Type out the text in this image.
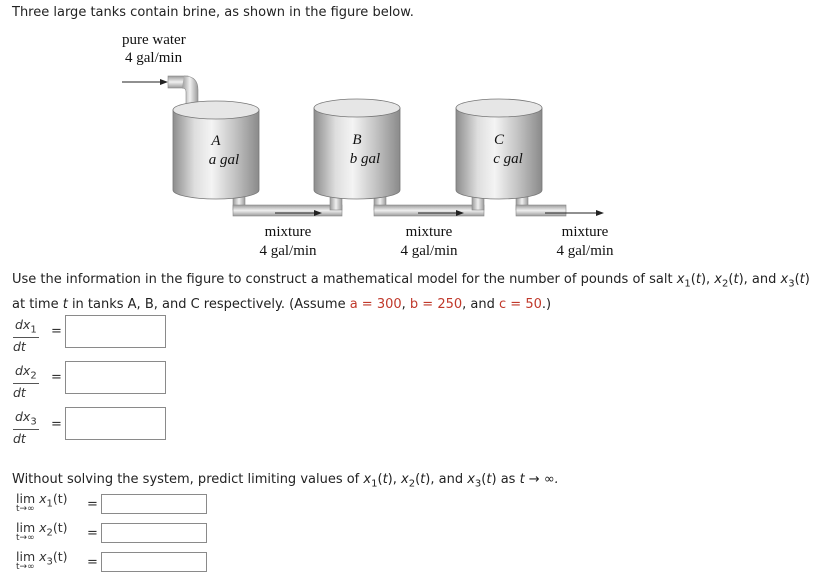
Three large tanks contain brine, as shown in the figure below.
pure water
4 gal/min
A
a gal
B
b gal
C
c gal
mixture
4 gal/min
mixture
4 gal/min
mixture
4 gal/min
Use the information in the figure to construct a mathematical model for the number of pounds of salt $x_1(t)$, $x_2(t)$, and $x_3(t)$
at time t in tanks A, B, and C respectively. (Assume a = 300, b = 250, and c = 50.)
$\frac{dx_1}{dt}$ =
$\frac{dx_2}{dt}$ =
$\frac{dx_3}{dt}$ =
Without solving the system, predict limiting values of $x_1(t)$, $x_2(t)$, and $x_3(t)$ as t → ∞.
$\lim x_1(t)$
t→∞	=
$\lim x_2(t)$
t→∞	=
$\lim x_3(t)$
t→∞	=
